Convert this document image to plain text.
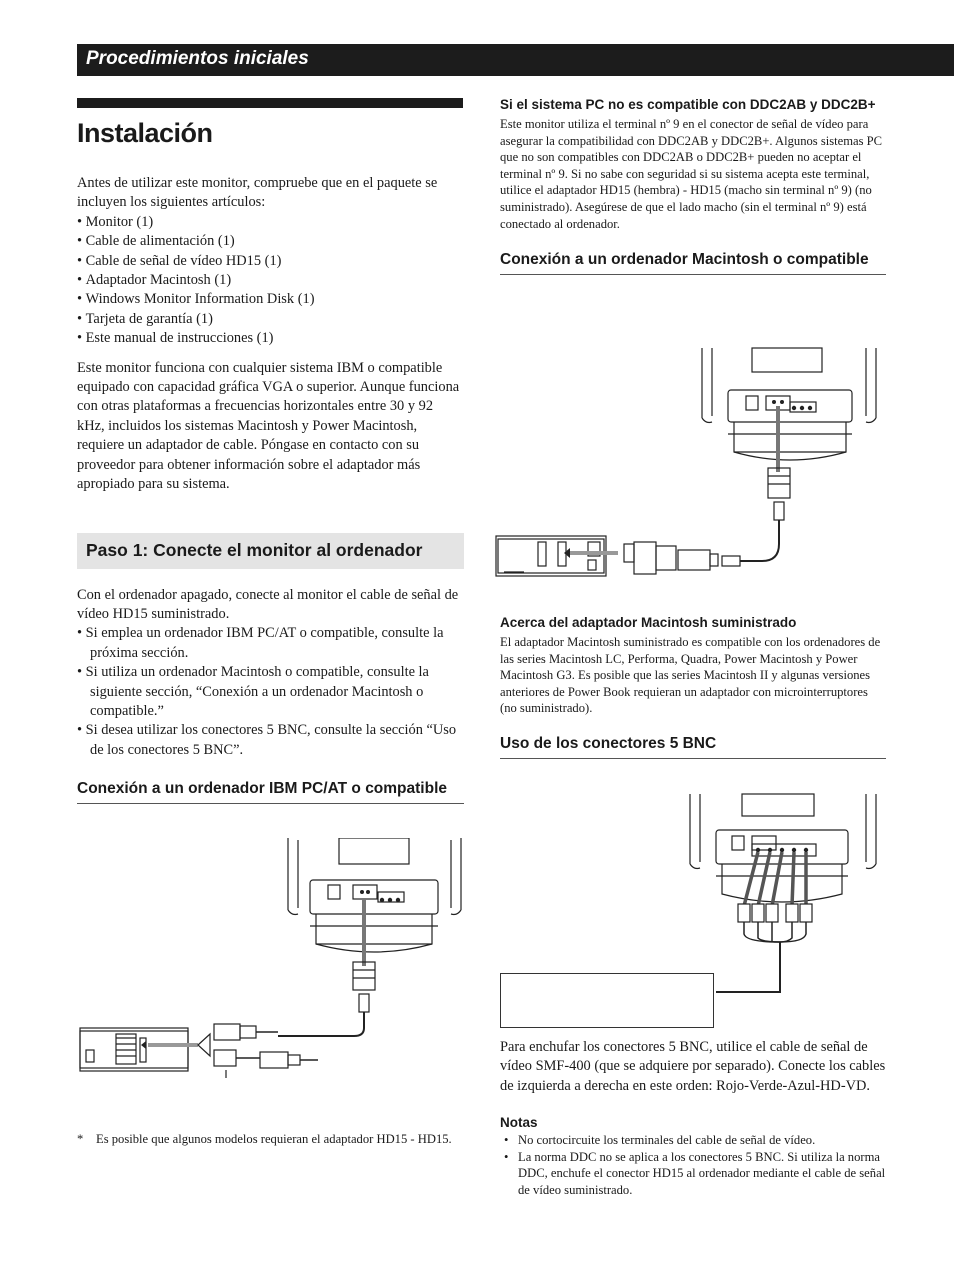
Procedimientos iniciales
Instalación

Antes de utilizar este monitor, compruebe que en el paquete se incluyen los siguientes artículos:

• Monitor (1)
• Cable de alimentación (1)
• Cable de señal de vídeo HD15 (1)
• Adaptador Macintosh (1)
• Windows Monitor Information Disk (1)
• Tarjeta de garantía (1)
• Este manual de instrucciones (1)

Este monitor funciona con cualquier sistema IBM o compatible equipado con capacidad gráfica VGA o superior. Aunque funciona con otras plataformas a frecuencias horizontales entre 30 y 92 kHz, incluidos los sistemas Macintosh y Power Macintosh, requiere un adaptador de cable. Póngase en contacto con su proveedor para obtener información sobre el adaptador más apropiado para su sistema.

Paso 1: Conecte el monitor al ordenador

Con el ordenador apagado, conecte al monitor el cable de señal de vídeo HD15 suministrado.

• Si emplea un ordenador IBM PC/AT o compatible, consulte la próxima sección.
• Si utiliza un ordenador Macintosh o compatible, consulte la siguiente sección, “Conexión a un ordenador Macintosh o compatible.”
• Si desea utilizar los conectores 5 BNC, consulte la sección “Uso de los conectores 5 BNC”.
Conexión a un ordenador IBM PC/AT o compatible
*	Es posible que algunos modelos requieran el adaptador HD15 - HD15.
Si el sistema PC no es compatible con DDC2AB y DDC2B+

Este monitor utiliza el terminal nº 9 en el conector de señal de vídeo para asegurar la compatibilidad con DDC2AB y DDC2B+. Algunos sistemas PC que no son compatibles con DDC2AB o DDC2B+ pueden no aceptar el terminal nº 9. Si no sabe con seguridad si su sistema acepta este terminal, utilice el adaptador HD15 (hembra) - HD15 (macho sin terminal nº 9) (no suministrado). Asegúrese de que el lado macho (sin el terminal nº 9) está conectado al ordenador.

Conexión a un ordenador Macintosh o compatible
Acerca del adaptador Macintosh suministrado

El adaptador Macintosh suministrado es compatible con los ordenadores de las series Macintosh LC, Performa, Quadra, Power Macintosh y Power Macintosh G3. Es posible que las series Macintosh II y algunas versiones anteriores de Power Book requieran un adaptador con microinterruptores (no suministrado).

Uso de los conectores 5 BNC

Para enchufar los conectores 5 BNC, utilice el cable de señal de vídeo SMF-400 (que se adquiere por separado). Conecte los cables de izquierda a derecha en este orden: Rojo-Verde-Azul-HD-VD.

Notas
• No cortocircuite los terminales del cable de señal de vídeo.
• La norma DDC no se aplica a los conectores 5 BNC. Si utiliza la norma DDC, enchufe el conector HD15 al ordenador mediante el cable de señal de vídeo suministrado.
